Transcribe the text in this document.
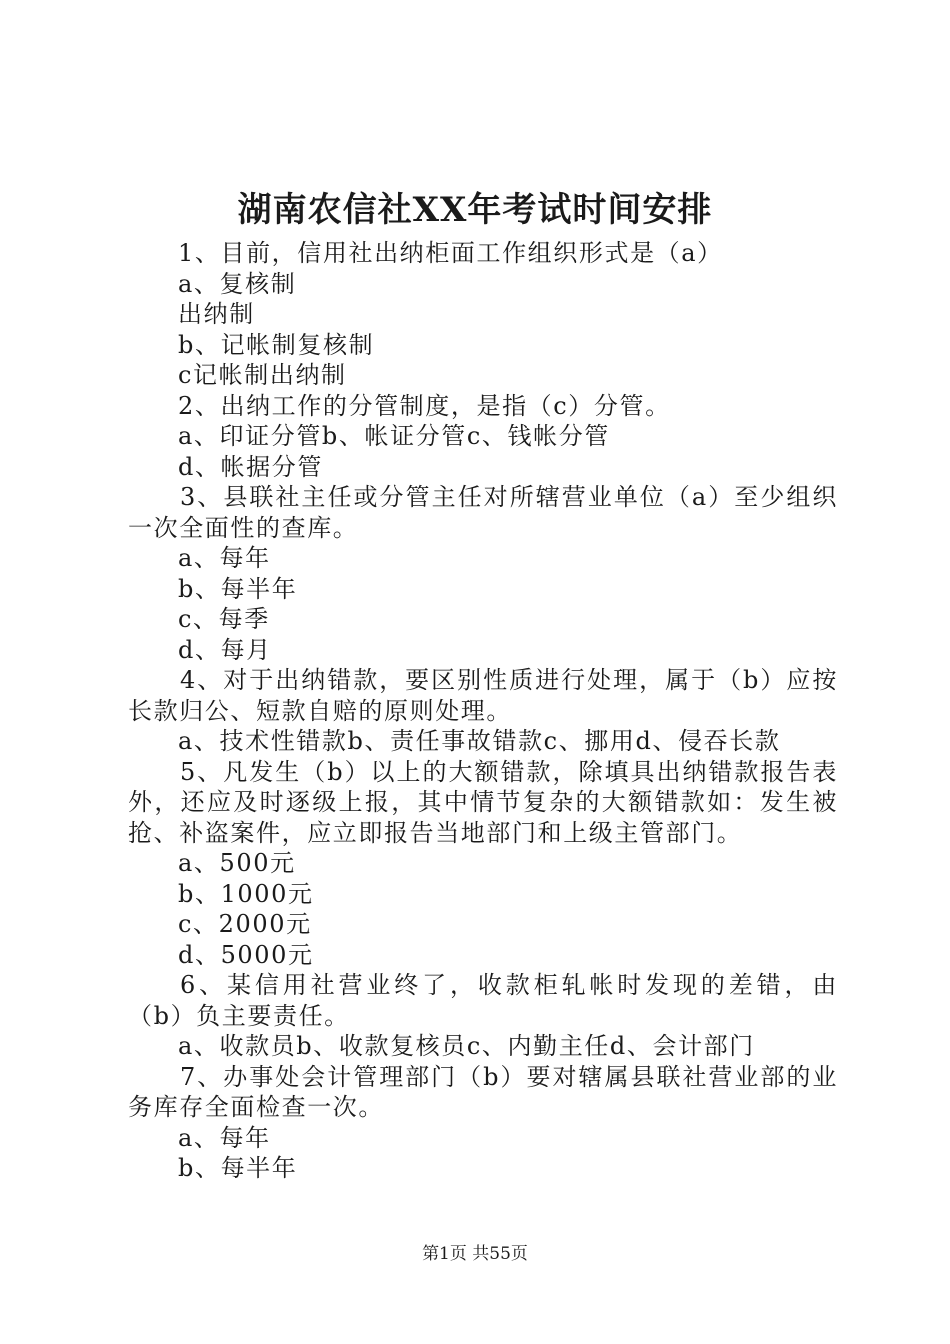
湖南农信社XX年考试时间安排

1、目前，信用社出纳柜面工作组织形式是（a）

a、复核制

出纳制

b、记帐制复核制

c记帐制出纳制

2、出纳工作的分管制度，是指（c）分管。

a、印证分管b、帐证分管c、钱帐分管

d、帐据分管

3、县联社主任或分管主任对所辖营业单位（a）至少组织一次全面性的查库。

a、每年

b、每半年

c、每季

d、每月

4、对于出纳错款，要区别性质进行处理，属于（b）应按长款归公、短款自赔的原则处理。

a、技术性错款b、责任事故错款c、挪用d、侵吞长款

5、凡发生（b）以上的大额错款，除填具出纳错款报告表外，还应及时逐级上报，其中情节复杂的大额错款如：发生被抢、补盗案件，应立即报告当地部门和上级主管部门。

a、500元

b、1000元

c、2000元

d、5000元

6、某信用社营业终了，收款柜轧帐时发现的差错，由（b）负主要责任。

a、收款员b、收款复核员c、内勤主任d、会计部门

7、办事处会计管理部门（b）要对辖属县联社营业部的业务库存全面检查一次。

a、每年

b、每半年

第1页 共55页
